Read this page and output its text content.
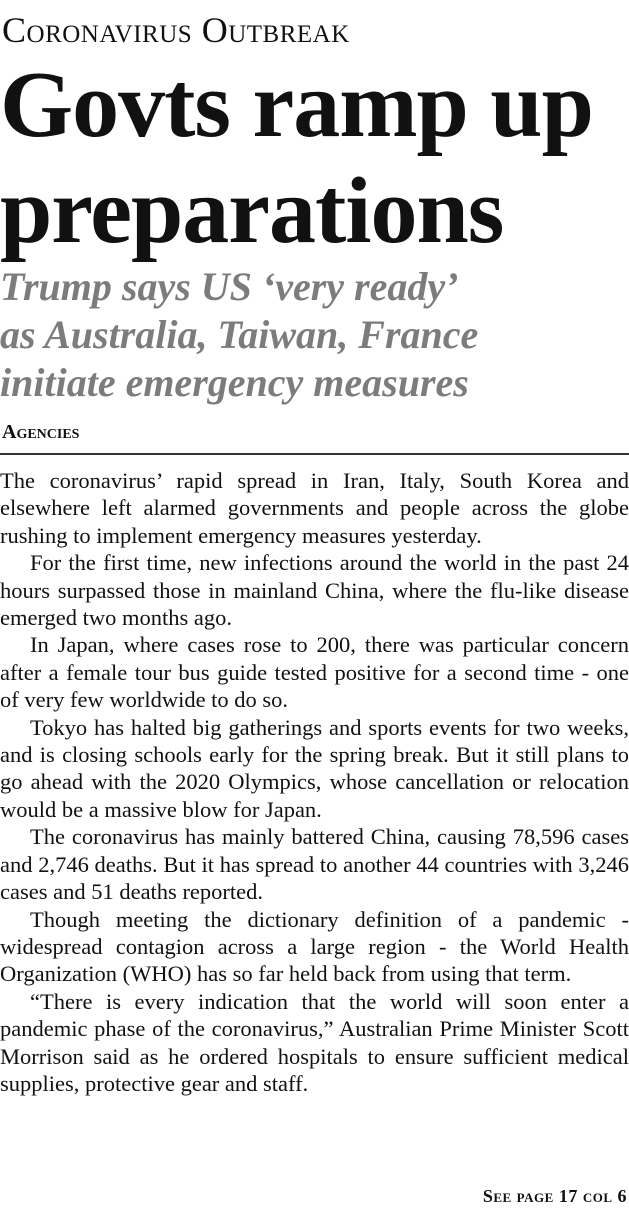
Coronavirus Outbreak
Govts ramp up preparations
Trump says US ‘very ready’
as Australia, Taiwan, France
initiate emergency measures
Agencies

The coronavirus’ rapid spread in Iran, Italy, South Korea and elsewhere left alarmed governments and people across the globe rushing to implement emergency measures yesterday.

For the first time, new infections around the world in the past 24 hours surpassed those in mainland China, where the flu-like disease emerged two months ago.

In Japan, where cases rose to 200, there was particular concern after a female tour bus guide tested positive for a second time - one of very few worldwide to do so.

Tokyo has halted big gatherings and sports events for two weeks, and is closing schools early for the spring break. But it still plans to go ahead with the 2020 Olympics, whose cancellation or relocation would be a massive blow for Japan.

The coronavirus has mainly battered China, causing 78,596 cases and 2,746 deaths. But it has spread to another 44 countries with 3,246 cases and 51 deaths reported.

Though meeting the dictionary definition of a pandemic - widespread contagion across a large region - the World Health Organization (WHO) has so far held back from using that term.

“There is every indication that the world will soon enter a pandemic phase of the coronavirus,” Australian Prime Minister Scott Morrison said as he ordered hospitals to ensure sufficient medical supplies, protective gear and staff.

See page 17 col 6
